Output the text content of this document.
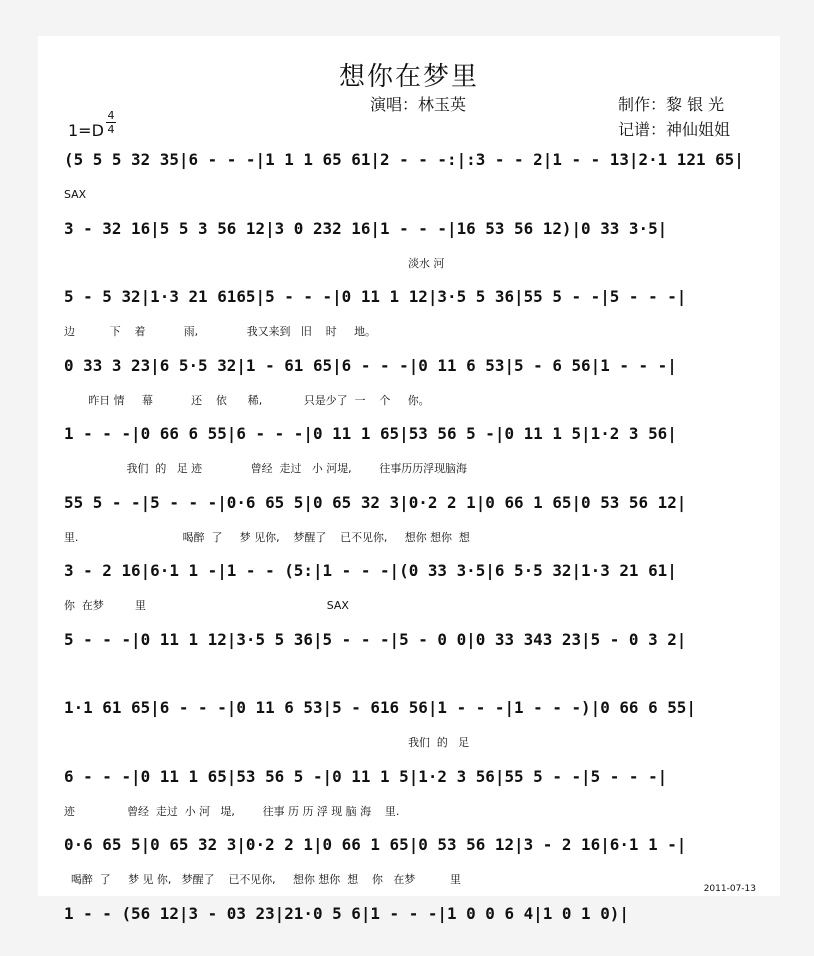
想你在梦里
演唱：林玉英	制作：黎 银 光
记谱：神仙姐姐
1=D
4
4
(5 5 5 32 35|6 - - -|1 1 1 65 61|2 - - -:|:3 - - 2|1 - - 13|2·1 121 65|
SAX
3 - 32 16|5 5 3 56 12|3 0 232 16|1 - - -|16 53 56 12)|0 33 3·5|
淡水 河
5 - 5 32|1·3 21 6165|5 - - -|0 11 1 12|3·5 5 36|55 5 - -|5 - - -|
边          下    着           雨,              我又来到   旧    时     地。
0 33 3 23|6 5·5 32|1 - 61 65|6 - - -|0 11 6 53|5 - 6 56|1 - - -|
昨日 情     幕           还    依      稀,            只是少了  一    个     你。
1 - - -|0 66 6 55|6 - - -|0 11 1 65|53 56 5 -|0 11 1 5|1·2 3 56|
我们  的   足 迹              曾经  走过   小 河堤,        往事历历浮现脑海
55 5 - -|5 - - -|0·6 65 5|0 65 32 3|0·2 2 1|0 66 1 65|0 53 56 12|
里.                              喝醉  了     梦 见你,    梦醒了    已不见你,     想你 想你  想
3 - 2 16|6·1 1 -|1 - - (5:|1 - - -|(0 33 3·5|6 5·5 32|1·3 21 61|
你  在梦         里                                                    SAX
5 - - -|0 11 1 12|3·5 5 36|5 - - -|5 - 0 0|0 33 343 23|5 - 0 3 2|
1·1 61 65|6 - - -|0 11 6 53|5 - 616 56|1 - - -|1 - - -)|0 66 6 55|
我们  的   足
6 - - -|0 11 1 65|53 56 5 -|0 11 1 5|1·2 3 56|55 5 - -|5 - - -|
迹               曾经  走过  小 河   堤,        往事 历 历 浮 现 脑 海    里.
0·6 65 5|0 65 32 3|0·2 2 1|0 66 1 65|0 53 56 12|3 - 2 16|6·1 1 -|
喝醉  了     梦 见 你,   梦醒了    已不见你,     想你 想你  想    你   在梦          里
1 - - (56 12|3 - 03 23|21·0 5 6|1 - - -|1 0 0 6 4|1 0 1 0)|
2011-07-13
